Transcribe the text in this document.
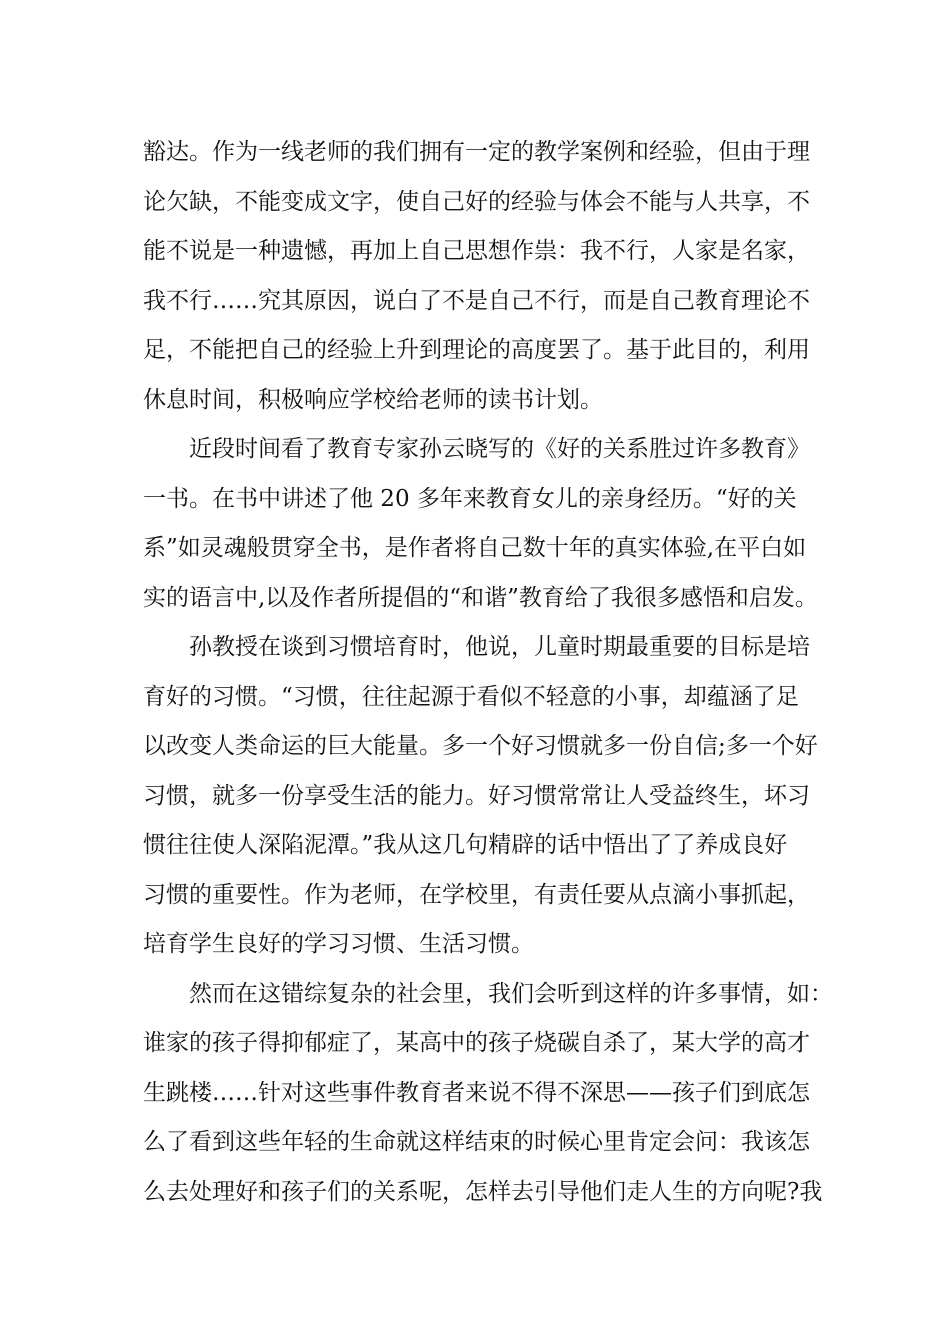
豁达。作为一线老师的我们拥有一定的教学案例和经验，但由于理
论欠缺，不能变成文字，使自己好的经验与体会不能与人共享，不
能不说是一种遗憾，再加上自己思想作祟：我不行，人家是名家，
我不行……究其原因，说白了不是自己不行，而是自己教育理论不
足，不能把自己的经验上升到理论的高度罢了。基于此目的，利用
休息时间，积极响应学校给老师的读书计划。
近段时间看了教育专家孙云晓写的《好的关系胜过许多教育》
一书。在书中讲述了他 20 多年来教育女儿的亲身经历。“好的关
系”如灵魂般贯穿全书，是作者将自己数十年的真实体验,在平白如
实的语言中,以及作者所提倡的“和谐”教育给了我很多感悟和启发。
孙教授在谈到习惯培育时，他说，儿童时期最重要的目标是培
育好的习惯。“习惯，往往起源于看似不轻意的小事，却蕴涵了足
以改变人类命运的巨大能量。多一个好习惯就多一份自信;多一个好
习惯，就多一份享受生活的能力。好习惯常常让人受益终生，坏习
惯往往使人深陷泥潭。”我从这几句精辟的话中悟出了了养成良好
习惯的重要性。作为老师，在学校里，有责任要从点滴小事抓起，
培育学生良好的学习习惯、生活习惯。
然而在这错综复杂的社会里，我们会听到这样的许多事情，如：
谁家的孩子得抑郁症了，某高中的孩子烧碳自杀了，某大学的高才
生跳楼……针对这些事件教育者来说不得不深思——孩子们到底怎
么了看到这些年轻的生命就这样结束的时候心里肯定会问：我该怎
么去处理好和孩子们的关系呢，怎样去引导他们走人生的方向呢?我
